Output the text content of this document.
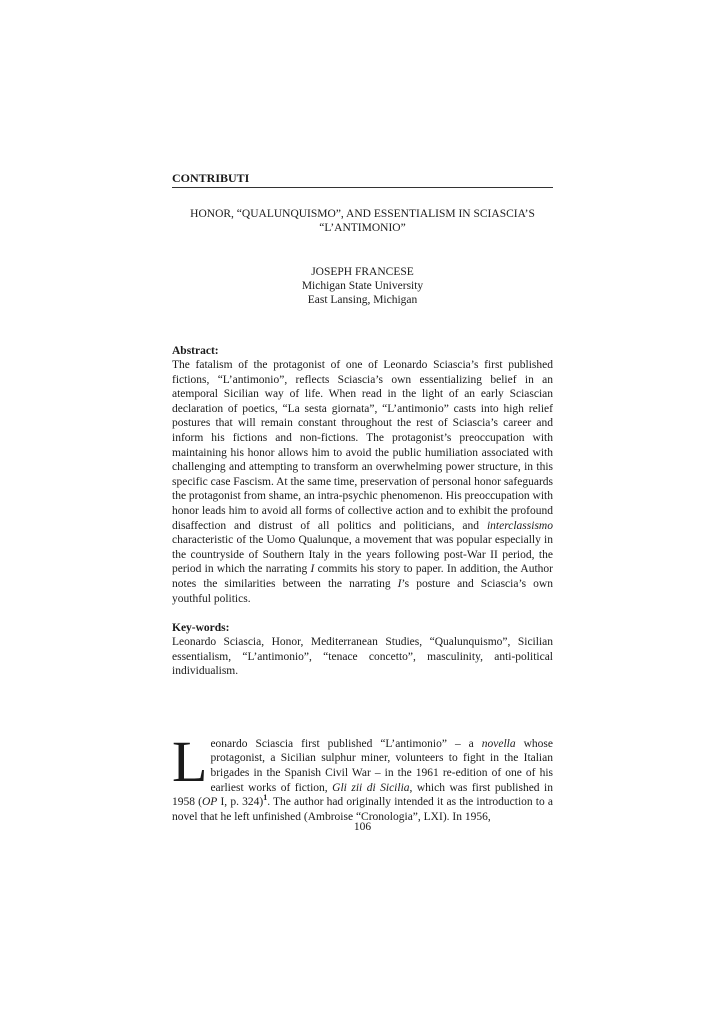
CONTRIBUTI
HONOR, “QUALUNQUISMO”, AND ESSENTIALISM IN SCIASCIA’S
“L’ANTIMONIO”
JOSEPH FRANCESE
Michigan State University
East Lansing, Michigan
Abstract:
The fatalism of the protagonist of one of Leonardo Sciascia’s first published fictions, “L’antimonio”, reflects Sciascia’s own essentializing belief in an atemporal Sicilian way of life. When read in the light of an early Sciascian declaration of poetics, “La sesta giornata”, “L’antimonio” casts into high relief postures that will remain constant throughout the rest of Sciascia’s career and inform his fictions and non-fictions. The protagonist’s preoccupation with maintaining his honor allows him to avoid the public humiliation associated with challenging and attempting to transform an overwhelming power structure, in this specific case Fascism. At the same time, preservation of personal honor safeguards the protagonist from shame, an intra-psychic phenomenon. His preoccupation with honor leads him to avoid all forms of collective action and to exhibit the profound disaffection and distrust of all politics and politicians, and interclassismo characteristic of the Uomo Qualunque, a movement that was popular especially in the countryside of Southern Italy in the years following post-War II period, the period in which the narrating I commits his story to paper. In addition, the Author notes the similarities between the narrating I’s posture and Sciascia’s own youthful politics.
Key-words:
Leonardo Sciascia, Honor, Mediterranean Studies, “Qualunquismo”, Sicilian essentialism, “L’antimonio”, “tenace concetto”, masculinity, anti-political individualism.
Leonardo Sciascia first published “L’antimonio” – a novella whose protagonist, a Sicilian sulphur miner, volunteers to fight in the Italian brigades in the Spanish Civil War – in the 1961 re-edition of one of his earliest works of fiction, Gli zii di Sicilia, which was first published in 1958 (OP I, p. 324)$^1$. The author had originally intended it as the introduction to a novel that he left unfinished (Ambroise “Cronologia”, LXI). In 1956,
106
